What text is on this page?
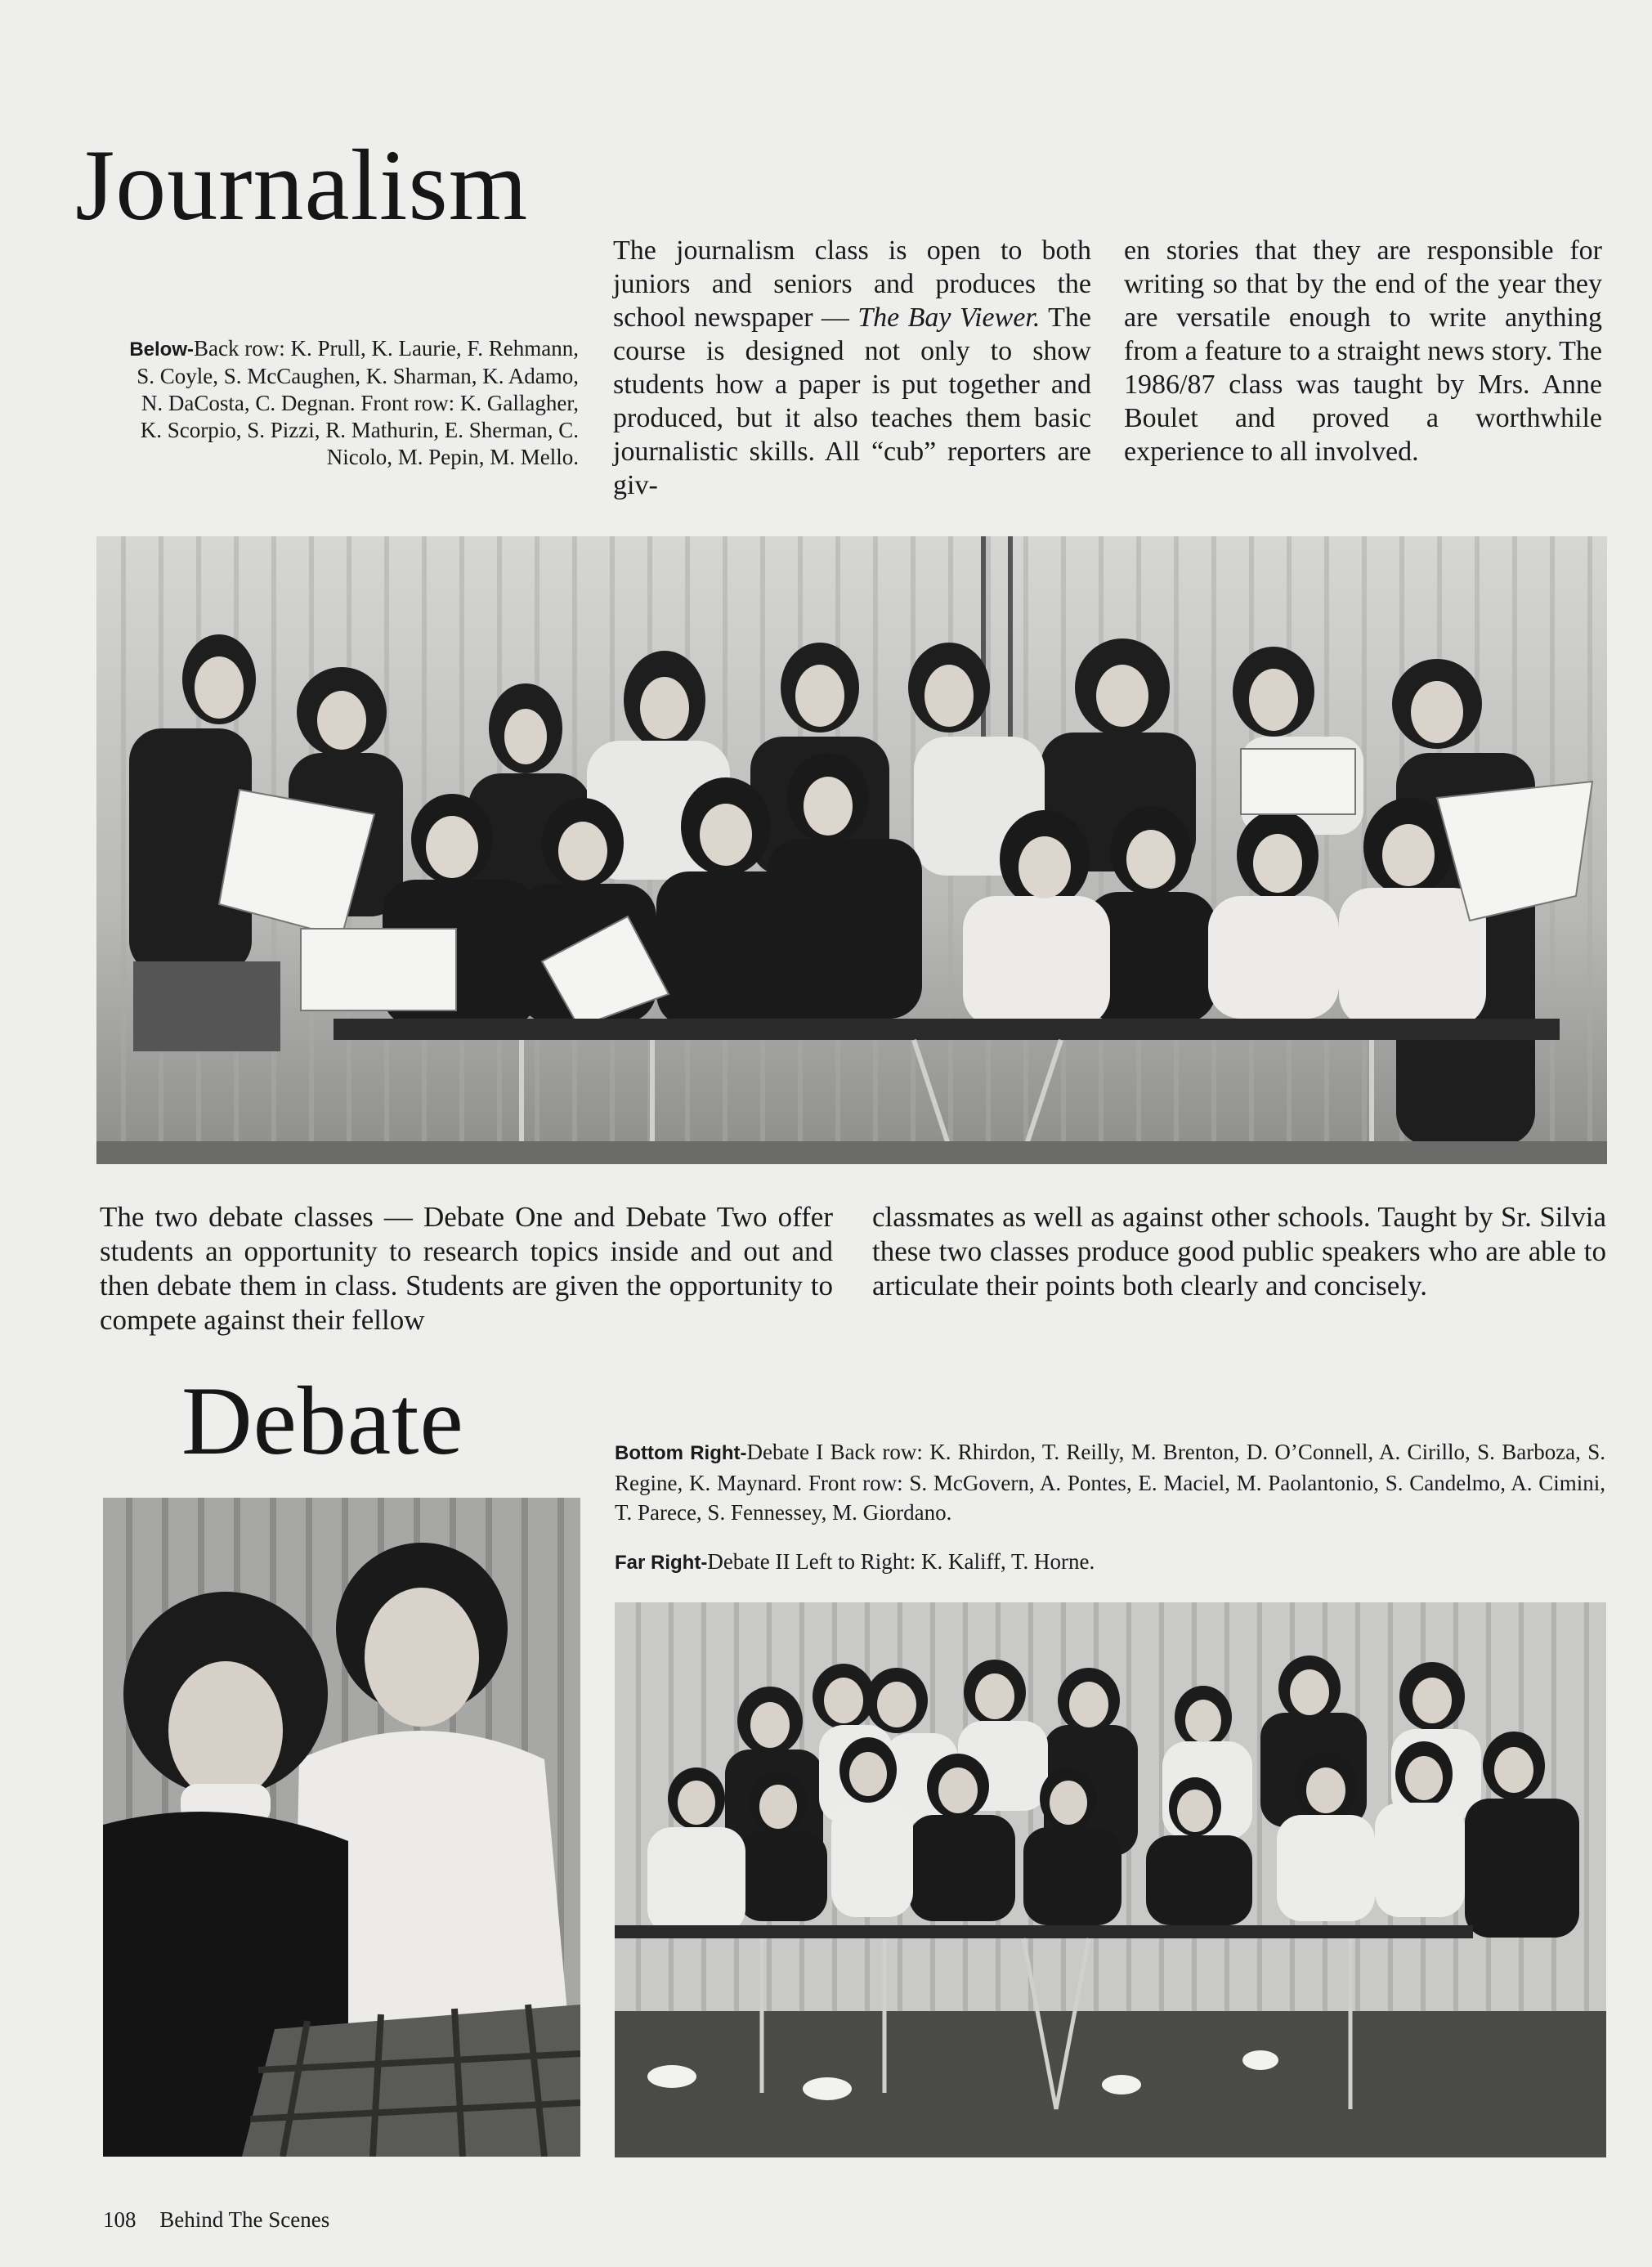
Journalism

Below-Back row: K. Prull, K. Laurie, F. Rehmann, S. Coyle, S. McCaughen, K. Sharman, K. Adamo, N. DaCosta, C. Degnan. Front row: K. Gallagher, K. Scorpio, S. Pizzi, R. Mathurin, E. Sherman, C. Nicolo, M. Pepin, M. Mello.

The journalism class is open to both juniors and seniors and produces the school newspaper — The Bay Viewer. The course is designed not only to show students how a paper is put together and produced, but it also teaches them basic journalistic skills. All “cub” reporters are giv-

en stories that they are responsible for writing so that by the end of the year they are versatile enough to write anything from a feature to a straight news story. The 1986/87 class was taught by Mrs. Anne Boulet and proved a worthwhile experience to all involved.

The two debate classes — Debate One and Debate Two offer students an opportunity to research topics inside and out and then debate them in class. Students are given the opportunity to compete against their fellow

classmates as well as against other schools. Taught by Sr. Silvia these two classes produce good public speakers who are able to articulate their points both clearly and concisely.

Debate	Bottom Right-Debate I Back row: K. Rhirdon, T. Reilly, M. Brenton, D. O’Connell, A. Cirillo, S. Barboza, S. Regine, K. Maynard. Front row: S. McGovern, A. Pontes, E. Maciel, M. Paolantonio, S. Candelmo, A. Cimini, T. Parece, S. Fennessey, M. Giordano.

Far Right-Debate II Left to Right: K. Kaliff, T. Horne.

108 Behind The Scenes
